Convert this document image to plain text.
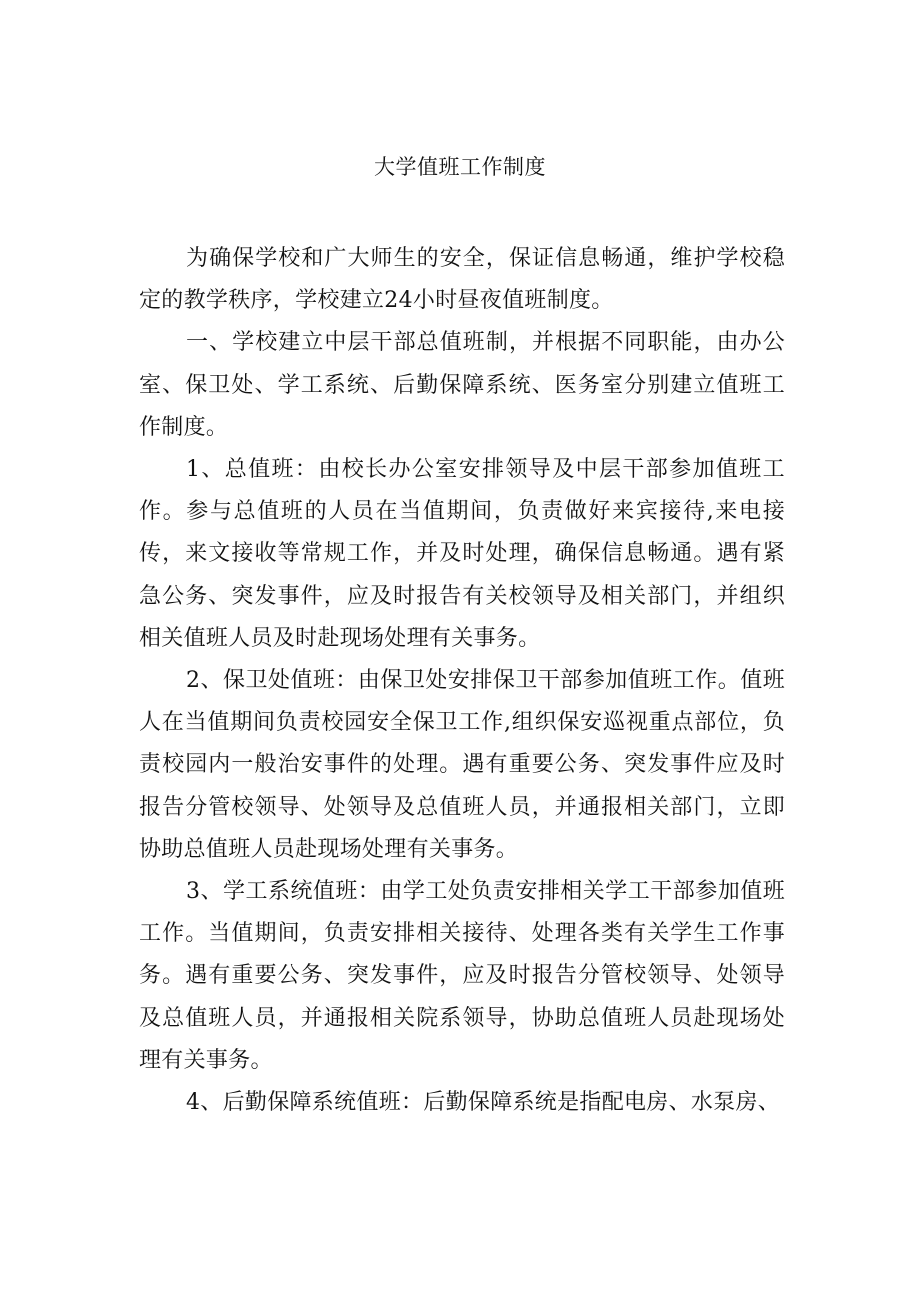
大学值班工作制度

为确保学校和广大师生的安全，保证信息畅通，维护学校稳定的教学秩序，学校建立24小时昼夜值班制度。

一、学校建立中层干部总值班制，并根据不同职能，由办公室、保卫处、学工系统、后勤保障系统、医务室分别建立值班工作制度。

1、总值班：由校长办公室安排领导及中层干部参加值班工作。参与总值班的人员在当值期间，负责做好来宾接待,来电接传，来文接收等常规工作，并及时处理，确保信息畅通。遇有紧急公务、突发事件，应及时报告有关校领导及相关部门，并组织相关值班人员及时赴现场处理有关事务。

2、保卫处值班：由保卫处安排保卫干部参加值班工作。值班人在当值期间负责校园安全保卫工作,组织保安巡视重点部位，负责校园内一般治安事件的处理。遇有重要公务、突发事件应及时报告分管校领导、处领导及总值班人员，并通报相关部门，立即协助总值班人员赴现场处理有关事务。

3、学工系统值班：由学工处负责安排相关学工干部参加值班工作。当值期间，负责安排相关接待、处理各类有关学生工作事务。遇有重要公务、突发事件，应及时报告分管校领导、处领导及总值班人员，并通报相关院系领导，协助总值班人员赴现场处理有关事务。

4、后勤保障系统值班：后勤保障系统是指配电房、水泵房、
